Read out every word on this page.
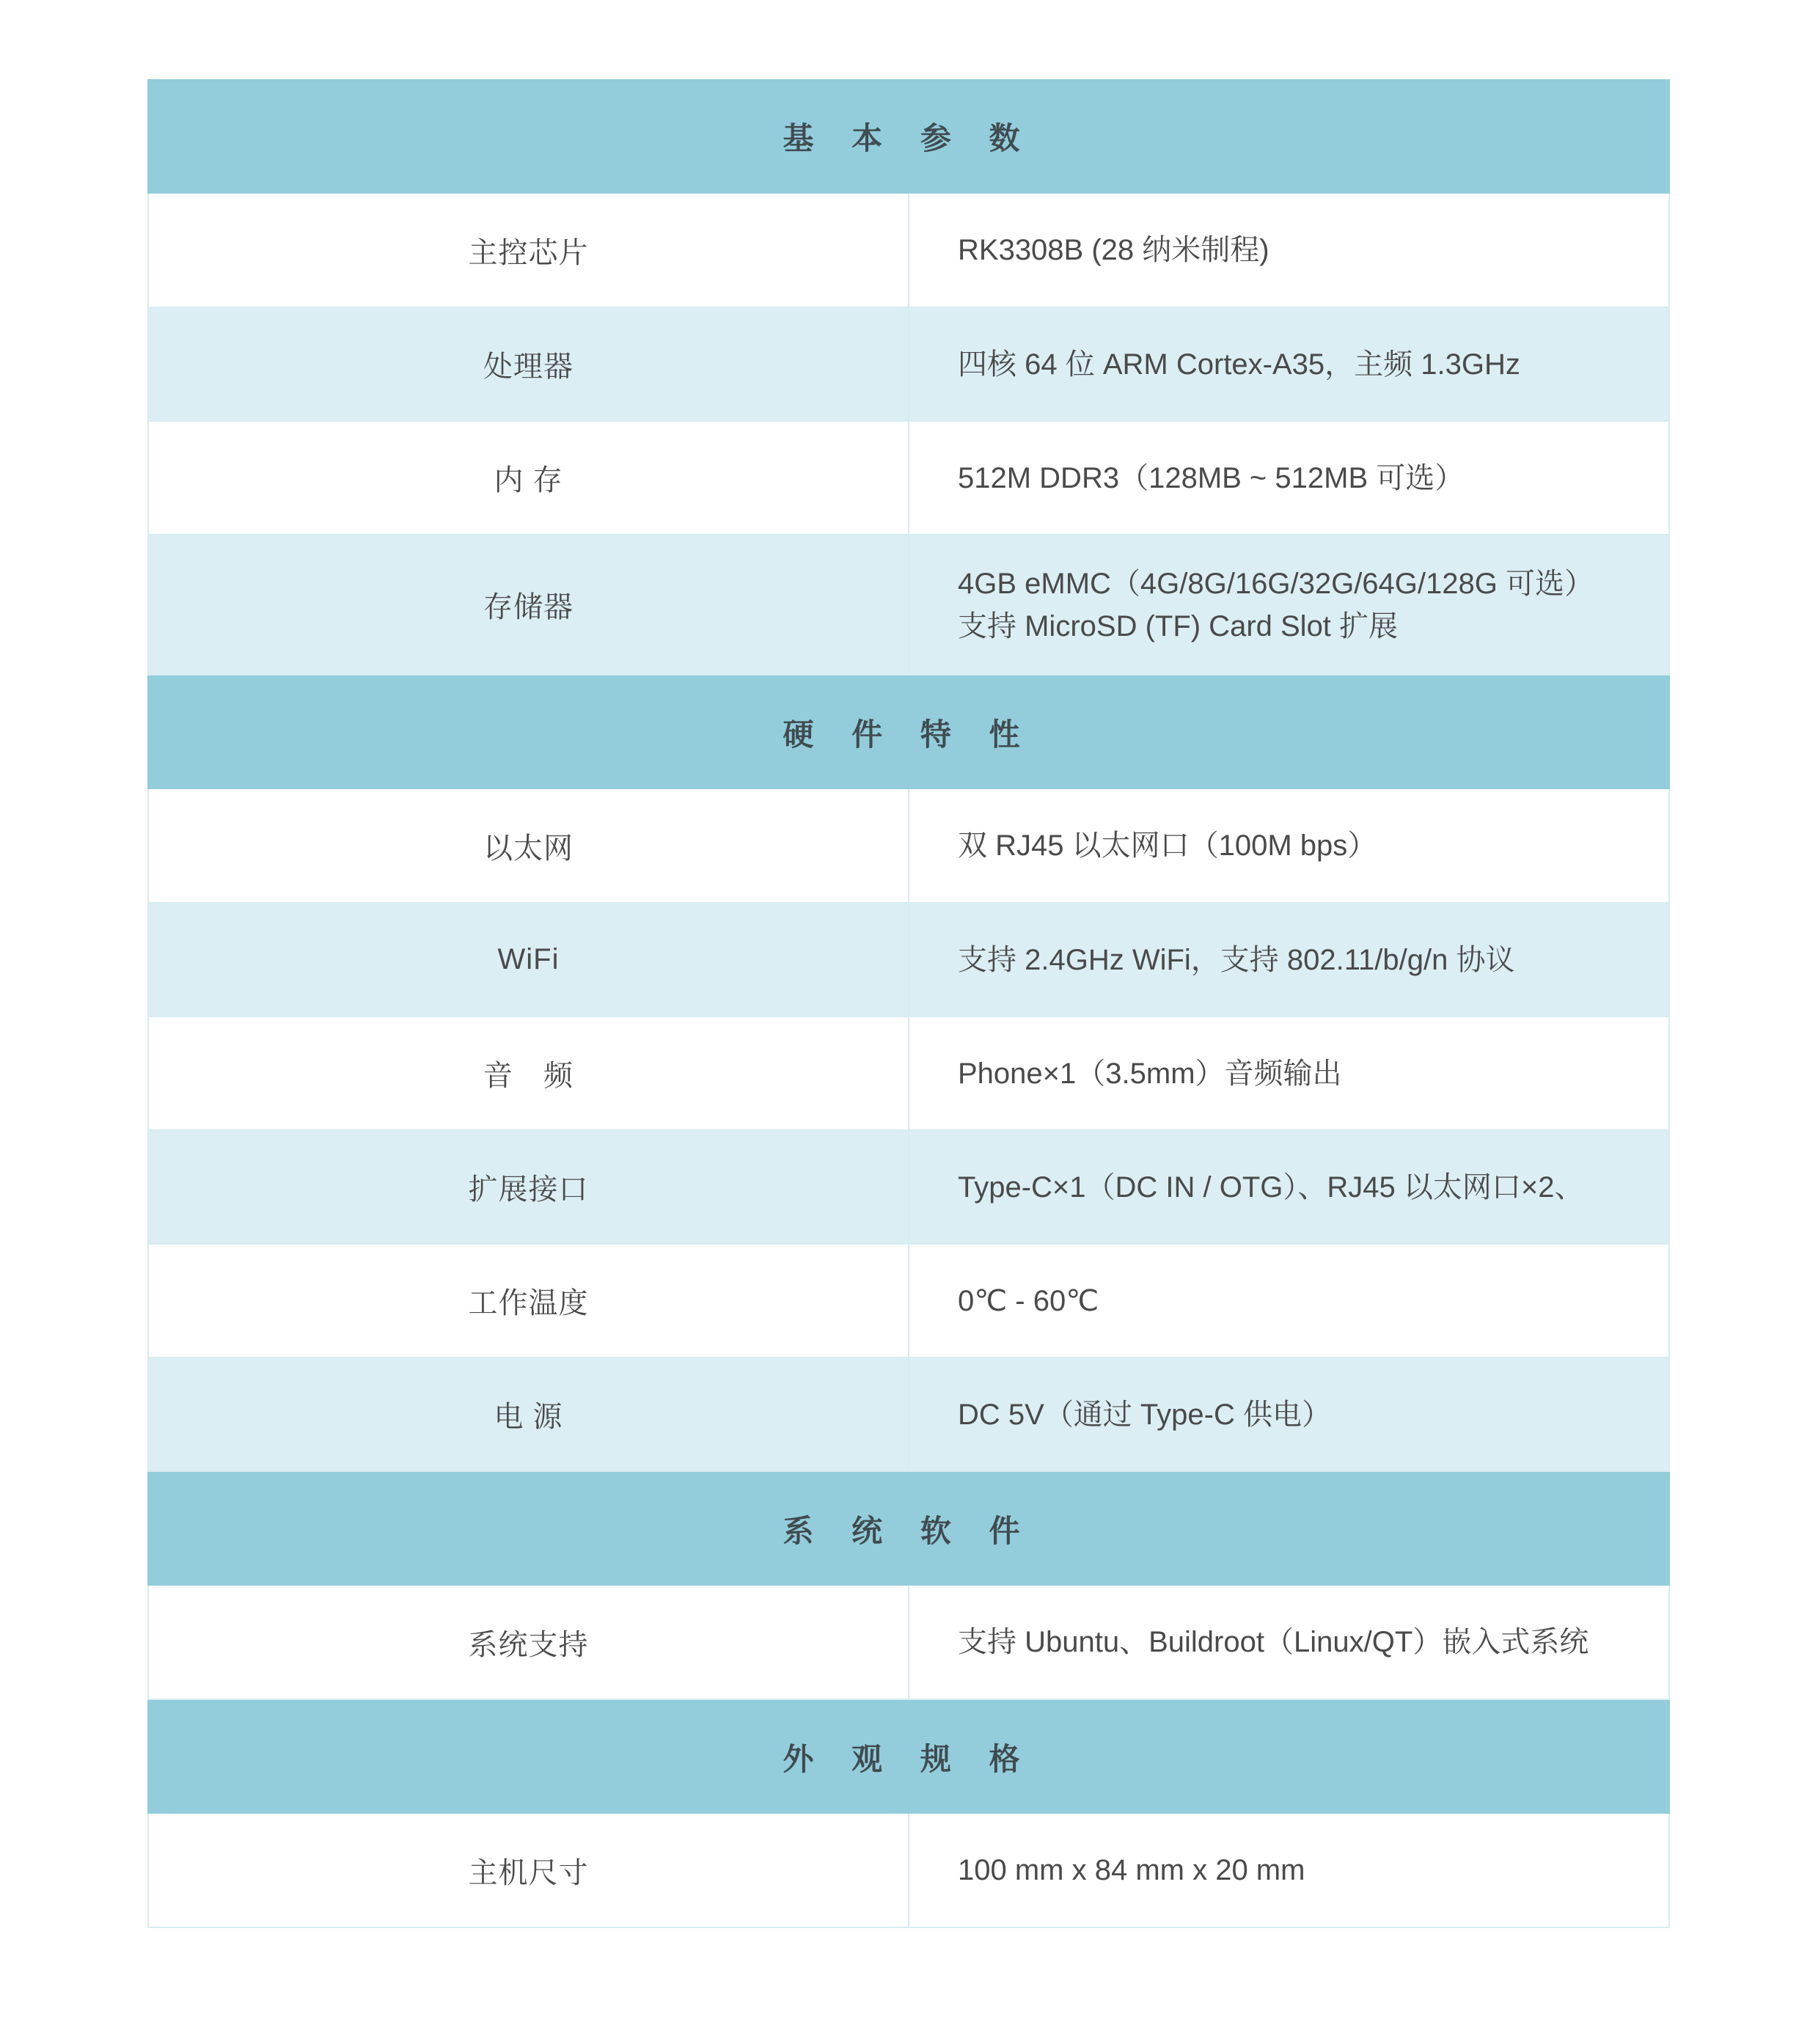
基 本 参 数	
主控芯片	RK3308B (28 纳米制程)

处理器	四核 64 位 ARM Cortex-A35，主频 1.3GHz

内 存	512M DDR3（128MB ~ 512MB 可选）

存储器	4GB eMMC（4G/8G/16G/32G/64G/128G 可选）
支持 MicroSD (TF) Card Slot 扩展

硬 件 特 性	
以太网	双 RJ45 以太网口（100M bps）

WiFi	支持 2.4GHz WiFi，支持 802.11/b/g/n 协议

音　频	Phone×1（3.5mm）音频输出

扩展接口	Type-C×1（DC IN / OTG）、RJ45 以太网口×2、

工作温度	0℃ - 60℃

电 源	DC 5V（通过 Type-C 供电）

系 统 软 件	
系统支持	支持 Ubuntu、Buildroot（Linux/QT）嵌入式系统

外 观 规 格	
主机尺寸	100 mm x 84 mm x 20 mm
